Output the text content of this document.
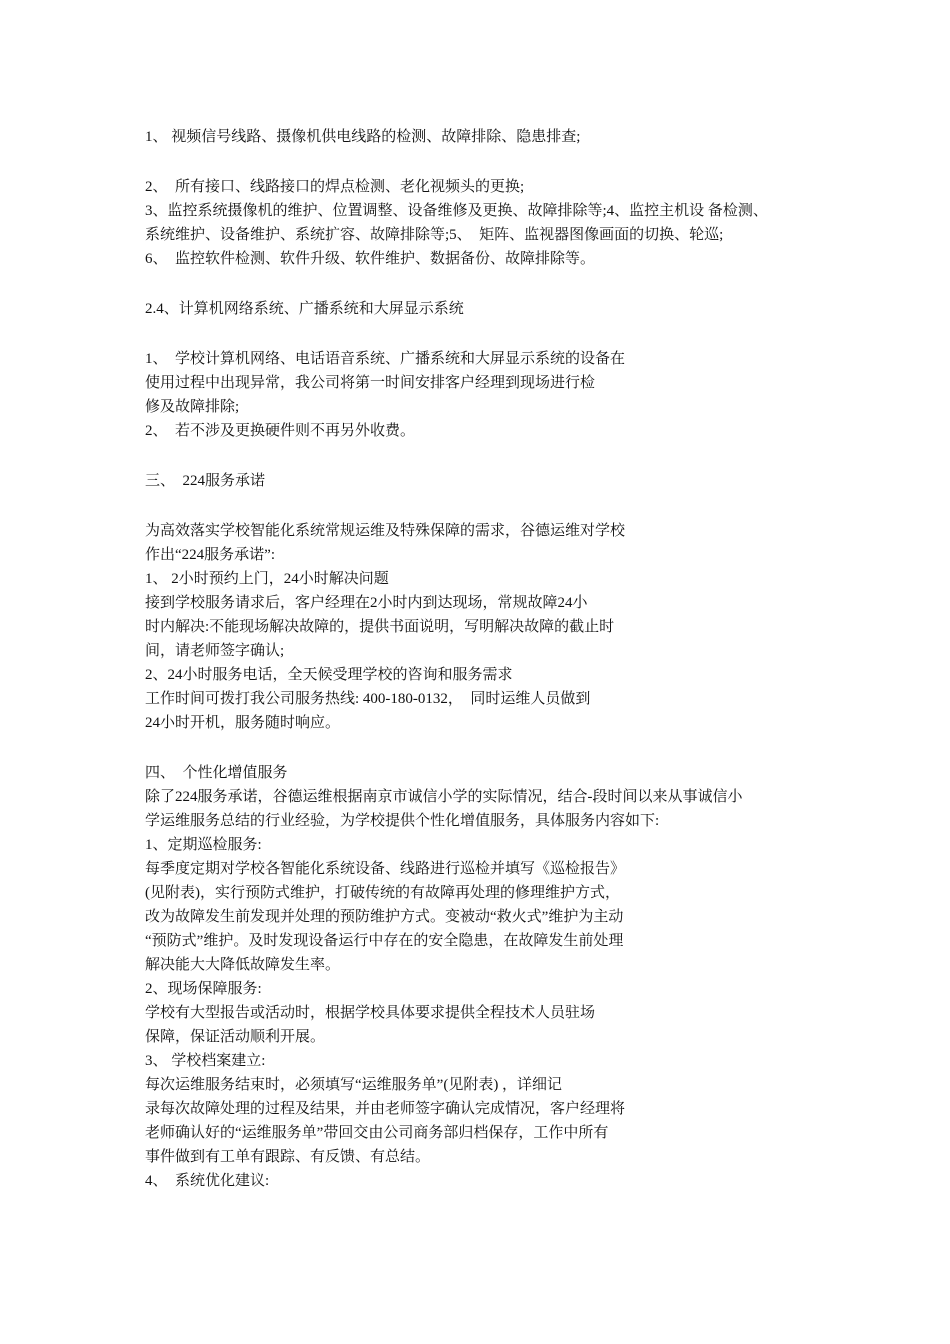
1、 视频信号线路、摄像机供电线路的检测、故障排除、隐患排查;
2、  所有接口、线路接口的焊点检测、老化视频头的更换;
3、监控系统摄像机的维护、位置调整、设备维修及更换、故障排除等;4、监控主机设 备检测、
系统维护、设备维护、系统扩容、故障排除等;5、  矩阵、监视器图像画面的切换、轮巡;
6、  监控软件检测、软件升级、软件维护、数据备份、故障排除等。
2.4、计算机网络系统、广播系统和大屏显示系统
1、  学校计算机网络、电话语音系统、广播系统和大屏显示系统的设备在
使用过程中出现异常，我公司将第一时间安排客户经理到现场进行检
修及故障排除;
2、  若不涉及更换硬件则不再另外收费。
三、  224服务承诺
为高效落实学校智能化系统常规运维及特殊保障的需求，谷德运维对学校
作出“224服务承诺”:
1、 2小时预约上门，24小时解决问题
接到学校服务请求后，客户经理在2小时内到达现场，常规故障24小
时内解决:不能现场解决故障的，提供书面说明，写明解决故障的截止时
间，请老师签字确认;
2、24小时服务电话，全天候受理学校的咨询和服务需求
工作时间可拨打我公司服务热线: 400-180-0132，  同时运维人员做到
24小时开机，服务随时响应。
四、  个性化增值服务
除了224服务承诺，谷德运维根据南京市诚信小学的实际情况，结合-段时间以来从事诚信小
学运维服务总结的行业经验，为学校提供个性化增值服务，具体服务内容如下:
1、定期巡检服务:
每季度定期对学校各智能化系统设备、线路进行巡检并填写《巡检报告》
(见附表)，实行预防式维护，打破传统的有故障再处理的修理维护方式，
改为故障发生前发现并处理的预防维护方式。变被动“救火式”维护为主动
“预防式”维护。及时发现设备运行中存在的安全隐患，在故障发生前处理
解决能大大降低故障发生率。
2、现场保障服务:
学校有大型报告或活动时，根据学校具体要求提供全程技术人员驻场
保障，保证活动顺利开展。
3、 学校档案建立:
每次运维服务结束时，必须填写“运维服务单”(见附表) ，详细记
录每次故障处理的过程及结果，并由老师签字确认完成情况，客户经理将
老师确认好的“运维服务单”带回交由公司商务部归档保存，工作中所有
事件做到有工单有跟踪、有反馈、有总结。
4、  系统优化建议:
